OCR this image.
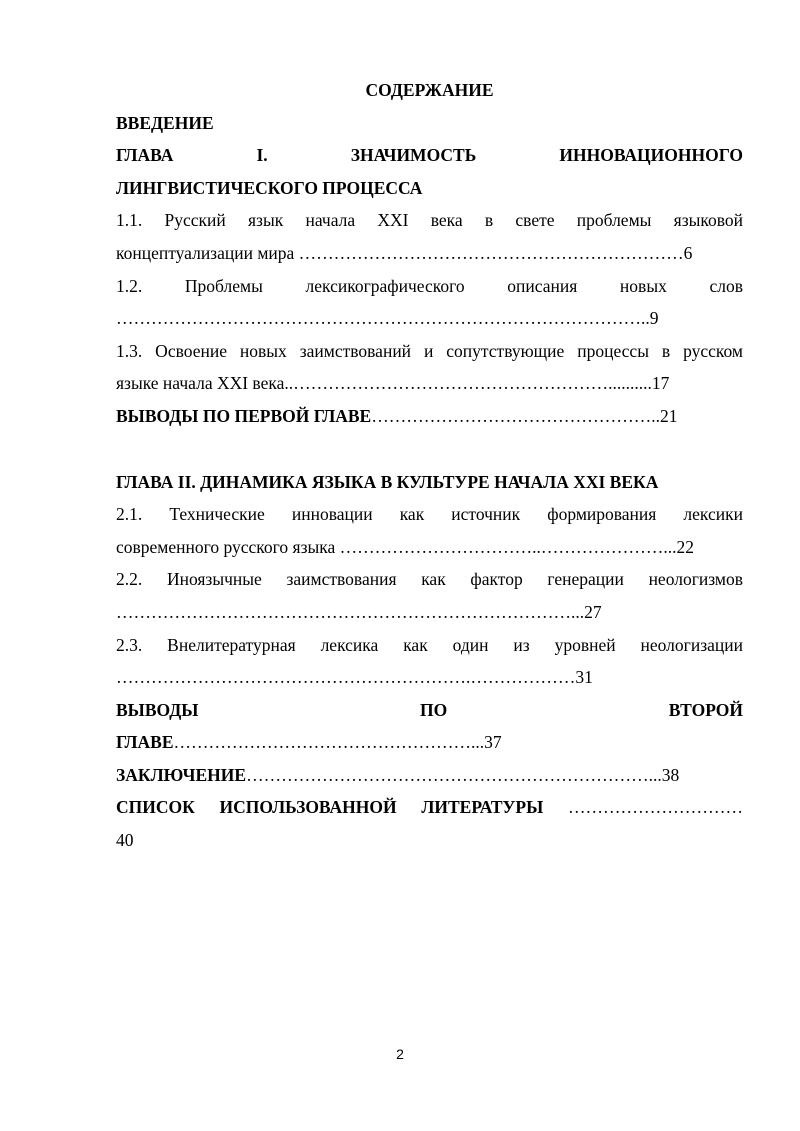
СОДЕРЖАНИЕ

ВВЕДЕНИЕ

ГЛАВА	I.	ЗНАЧИМОСТЬ	ИННОВАЦИОННОГО

ЛИНГВИСТИЧЕСКОГО ПРОЦЕССА

1.1. Русский язык начала XXI века в свете проблемы языковой

концептуализации мира …………………………………………………………6

1.2. Проблемы лексикографического описания новых слов

………………………………………………………………………………..9

1.3. Освоение новых заимствований и сопутствующие процессы в русском

языке начала XXI века..………………………………………………..........17

ВЫВОДЫ ПО ПЕРВОЙ ГЛАВЕ…………………………………………..21

ГЛАВА II. ДИНАМИКА ЯЗЫКА В КУЛЬТУРЕ НАЧАЛА XXI ВЕКА

2.1. Технические инновации как источник формирования лексики

современного русского языка ……………………………..…………………...22

2.2. Иноязычные заимствования как фактор генерации неологизмов

……………………………………………………………………...27

2.3. Внелитературная лексика как один из уровней неологизации

…………………………………………………….………………31

ВЫВОДЫ	ПО	ВТОРОЙ

ГЛАВЕ……………………………………………...37

ЗАКЛЮЧЕНИЕ……………………………………………………………...38

СПИСОК ИСПОЛЬЗОВАННОЙ ЛИТЕРАТУРЫ …………………………

40

2
